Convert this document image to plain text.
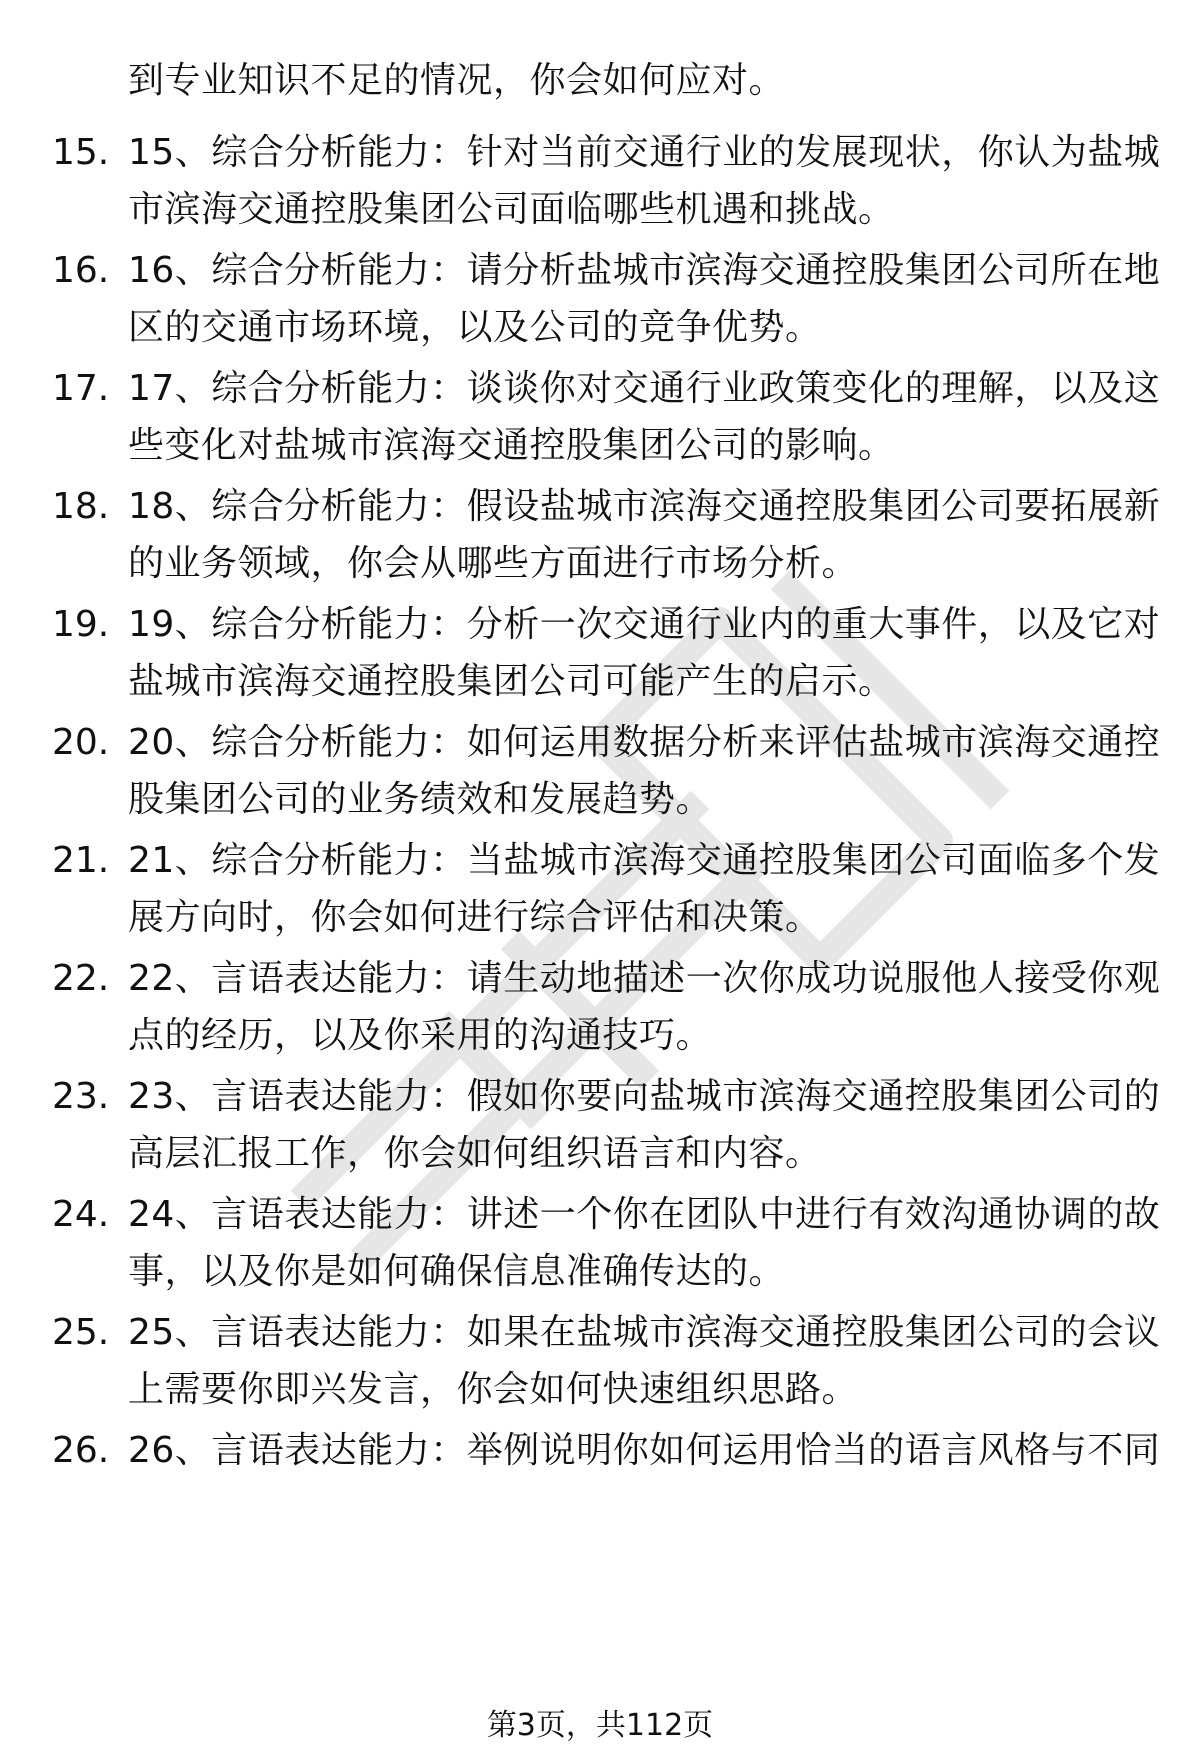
到专业知识不足的情况，你会如何应对。
15. 15、综合分析能力：针对当前交通行业的发展现状，你认为盐城
市滨海交通控股集团公司面临哪些机遇和挑战。
16. 16、综合分析能力：请分析盐城市滨海交通控股集团公司所在地
区的交通市场环境，以及公司的竞争优势。
17. 17、综合分析能力：谈谈你对交通行业政策变化的理解，以及这
些变化对盐城市滨海交通控股集团公司的影响。
18. 18、综合分析能力：假设盐城市滨海交通控股集团公司要拓展新
的业务领域，你会从哪些方面进行市场分析。
19. 19、综合分析能力：分析一次交通行业内的重大事件，以及它对
盐城市滨海交通控股集团公司可能产生的启示。
20. 20、综合分析能力：如何运用数据分析来评估盐城市滨海交通控
股集团公司的业务绩效和发展趋势。
21. 21、综合分析能力：当盐城市滨海交通控股集团公司面临多个发
展方向时，你会如何进行综合评估和决策。
22. 22、言语表达能力：请生动地描述一次你成功说服他人接受你观
点的经历，以及你采用的沟通技巧。
23. 23、言语表达能力：假如你要向盐城市滨海交通控股集团公司的
高层汇报工作，你会如何组织语言和内容。
24. 24、言语表达能力：讲述一个你在团队中进行有效沟通协调的故
事，以及你是如何确保信息准确传达的。
25. 25、言语表达能力：如果在盐城市滨海交通控股集团公司的会议
上需要你即兴发言，你会如何快速组织思路。
26. 26、言语表达能力：举例说明你如何运用恰当的语言风格与不同
第3页，共112页
